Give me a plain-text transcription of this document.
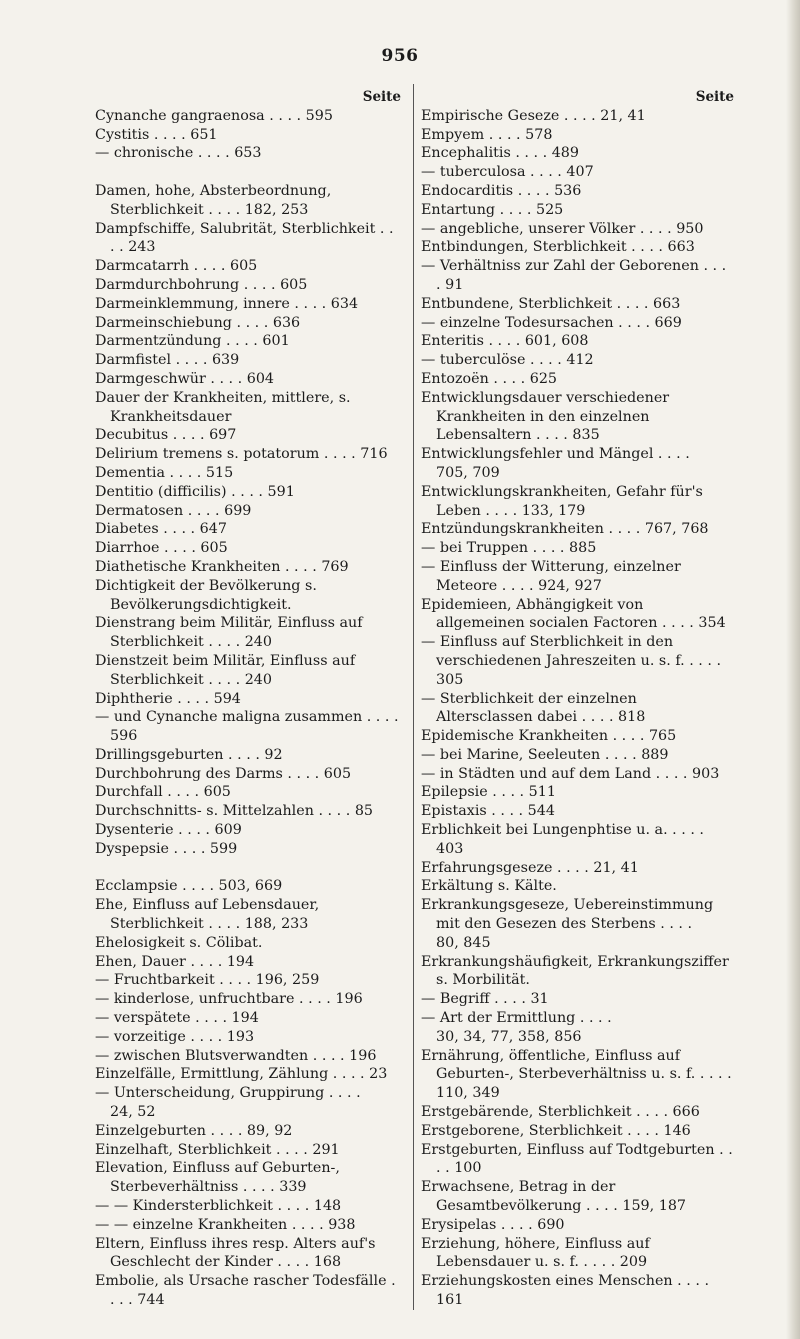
956
Seite

Cynanche gangraenosa . . . . 595

Cystitis . . . . 651

— chronische . . . . 653

Damen, hohe, Absterbeordnung, Sterblichkeit . . . . 182, 253

Dampfschiffe, Salubrität, Sterblichkeit . . . . 243

Darmcatarrh . . . . 605

Darmdurchbohrung . . . . 605

Darmeinklemmung, innere . . . . 634

Darmeinschiebung . . . . 636

Darmentzündung . . . . 601

Darmfistel . . . . 639

Darmgeschwür . . . . 604

Dauer der Krankheiten, mittlere, s. Krankheitsdauer

Decubitus . . . . 697

Delirium tremens s. potatorum . . . . 716

Dementia . . . . 515

Dentitio (difficilis) . . . . 591

Dermatosen . . . . 699

Diabetes . . . . 647

Diarrhoe . . . . 605

Diathetische Krankheiten . . . . 769

Dichtigkeit der Bevölkerung s. Bevölkerungsdichtigkeit.

Dienstrang beim Militär, Einfluss auf Sterblichkeit . . . . 240

Dienstzeit beim Militär, Einfluss auf Sterblichkeit . . . . 240

Diphtherie . . . . 594

— und Cynanche maligna zusammen . . . . 596

Drillingsgeburten . . . . 92

Durchbohrung des Darms . . . . 605

Durchfall . . . . 605

Durchschnitts- s. Mittelzahlen . . . . 85

Dysenterie . . . . 609

Dyspepsie . . . . 599

Ecclampsie . . . . 503, 669

Ehe, Einfluss auf Lebensdauer, Sterblichkeit . . . . 188, 233

Ehelosigkeit s. Cölibat.

Ehen, Dauer . . . . 194

— Fruchtbarkeit . . . . 196, 259

— kinderlose, unfruchtbare . . . . 196

— verspätete . . . . 194

— vorzeitige . . . . 193

— zwischen Blutsverwandten . . . . 196

Einzelfälle, Ermittlung, Zählung . . . . 23

— Unterscheidung, Gruppirung . . . . 24, 52

Einzelgeburten . . . . 89, 92

Einzelhaft, Sterblichkeit . . . . 291

Elevation, Einfluss auf Geburten-, Sterbeverhältniss . . . . 339

— — Kindersterblichkeit . . . . 148

— — einzelne Krankheiten . . . . 938

Eltern, Einfluss ihres resp. Alters auf's Geschlecht der Kinder . . . . 168

Embolie, als Ursache rascher Todesfälle . . . . 744

Seite

Empirische Geseze . . . . 21, 41

Empyem . . . . 578

Encephalitis . . . . 489

— tuberculosa . . . . 407

Endocarditis . . . . 536

Entartung . . . . 525

— angebliche, unserer Völker . . . . 950

Entbindungen, Sterblichkeit . . . . 663

— Verhältniss zur Zahl der Geborenen . . . . 91

Entbundene, Sterblichkeit . . . . 663

— einzelne Todesursachen . . . . 669

Enteritis . . . . 601, 608

— tuberculöse . . . . 412

Entozoën . . . . 625

Entwicklungsdauer verschiedener Krankheiten in den einzelnen Lebensaltern . . . . 835

Entwicklungsfehler und Mängel . . . . 705, 709

Entwicklungskrankheiten, Gefahr für's Leben . . . . 133, 179

Entzündungskrankheiten . . . . 767, 768

— bei Truppen . . . . 885

— Einfluss der Witterung, einzelner Meteore . . . . 924, 927

Epidemieen, Abhängigkeit von allgemeinen socialen Factoren . . . . 354

— Einfluss auf Sterblichkeit in den verschiedenen Jahreszeiten u. s. f. . . . . 305

— Sterblichkeit der einzelnen Altersclassen dabei . . . . 818

Epidemische Krankheiten . . . . 765

— bei Marine, Seeleuten . . . . 889

— in Städten und auf dem Land . . . . 903

Epilepsie . . . . 511

Epistaxis . . . . 544

Erblichkeit bei Lungenphtise u. a. . . . . 403

Erfahrungsgeseze . . . . 21, 41

Erkältung s. Kälte.

Erkrankungsgeseze, Uebereinstimmung mit den Gesezen des Sterbens . . . . 80, 845

Erkrankungshäufigkeit, Erkrankungsziffer s. Morbilität.

— Begriff . . . . 31

— Art der Ermittlung . . . . 30, 34, 77, 358, 856

Ernährung, öffentliche, Einfluss auf Geburten-, Sterbeverhältniss u. s. f. . . . . 110, 349

Erstgebärende, Sterblichkeit . . . . 666

Erstgeborene, Sterblichkeit . . . . 146

Erstgeburten, Einfluss auf Todtgeburten . . . . 100

Erwachsene, Betrag in der Gesamtbevölkerung . . . . 159, 187

Erysipelas . . . . 690

Erziehung, höhere, Einfluss auf Lebensdauer u. s. f. . . . . 209

Erziehungskosten eines Menschen . . . . 161
